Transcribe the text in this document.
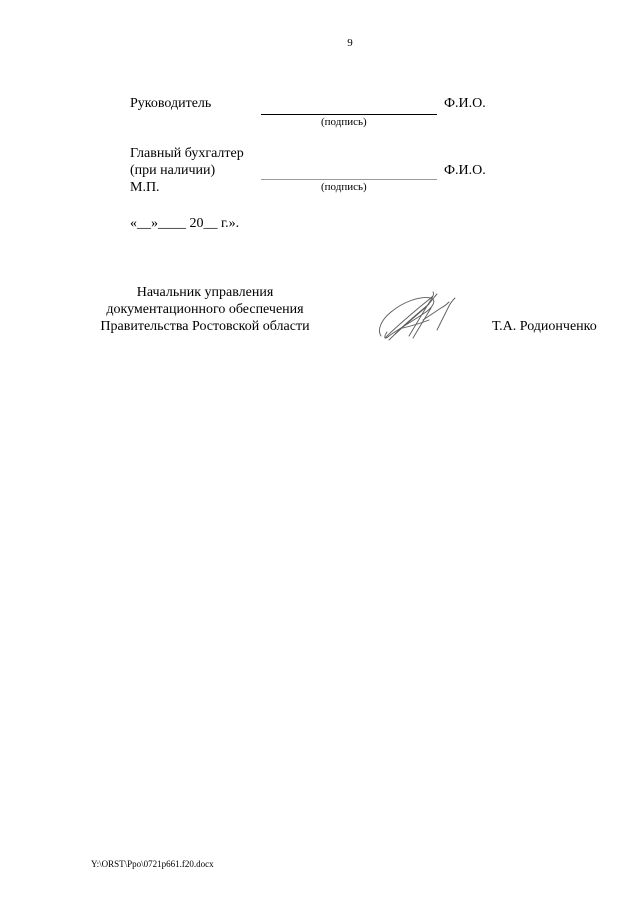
9
Руководитель	Ф.И.О.
(подпись)
Главный бухгалтер
(при наличии)
М.П.
Ф.И.О.
(подпись)
«__»____ 20__ г.».
Начальник управления
документационного обеспечения
Правительства Ростовской области	Т.А. Родионченко
Y:\ORST\Ppo\0721p661.f20.docx
